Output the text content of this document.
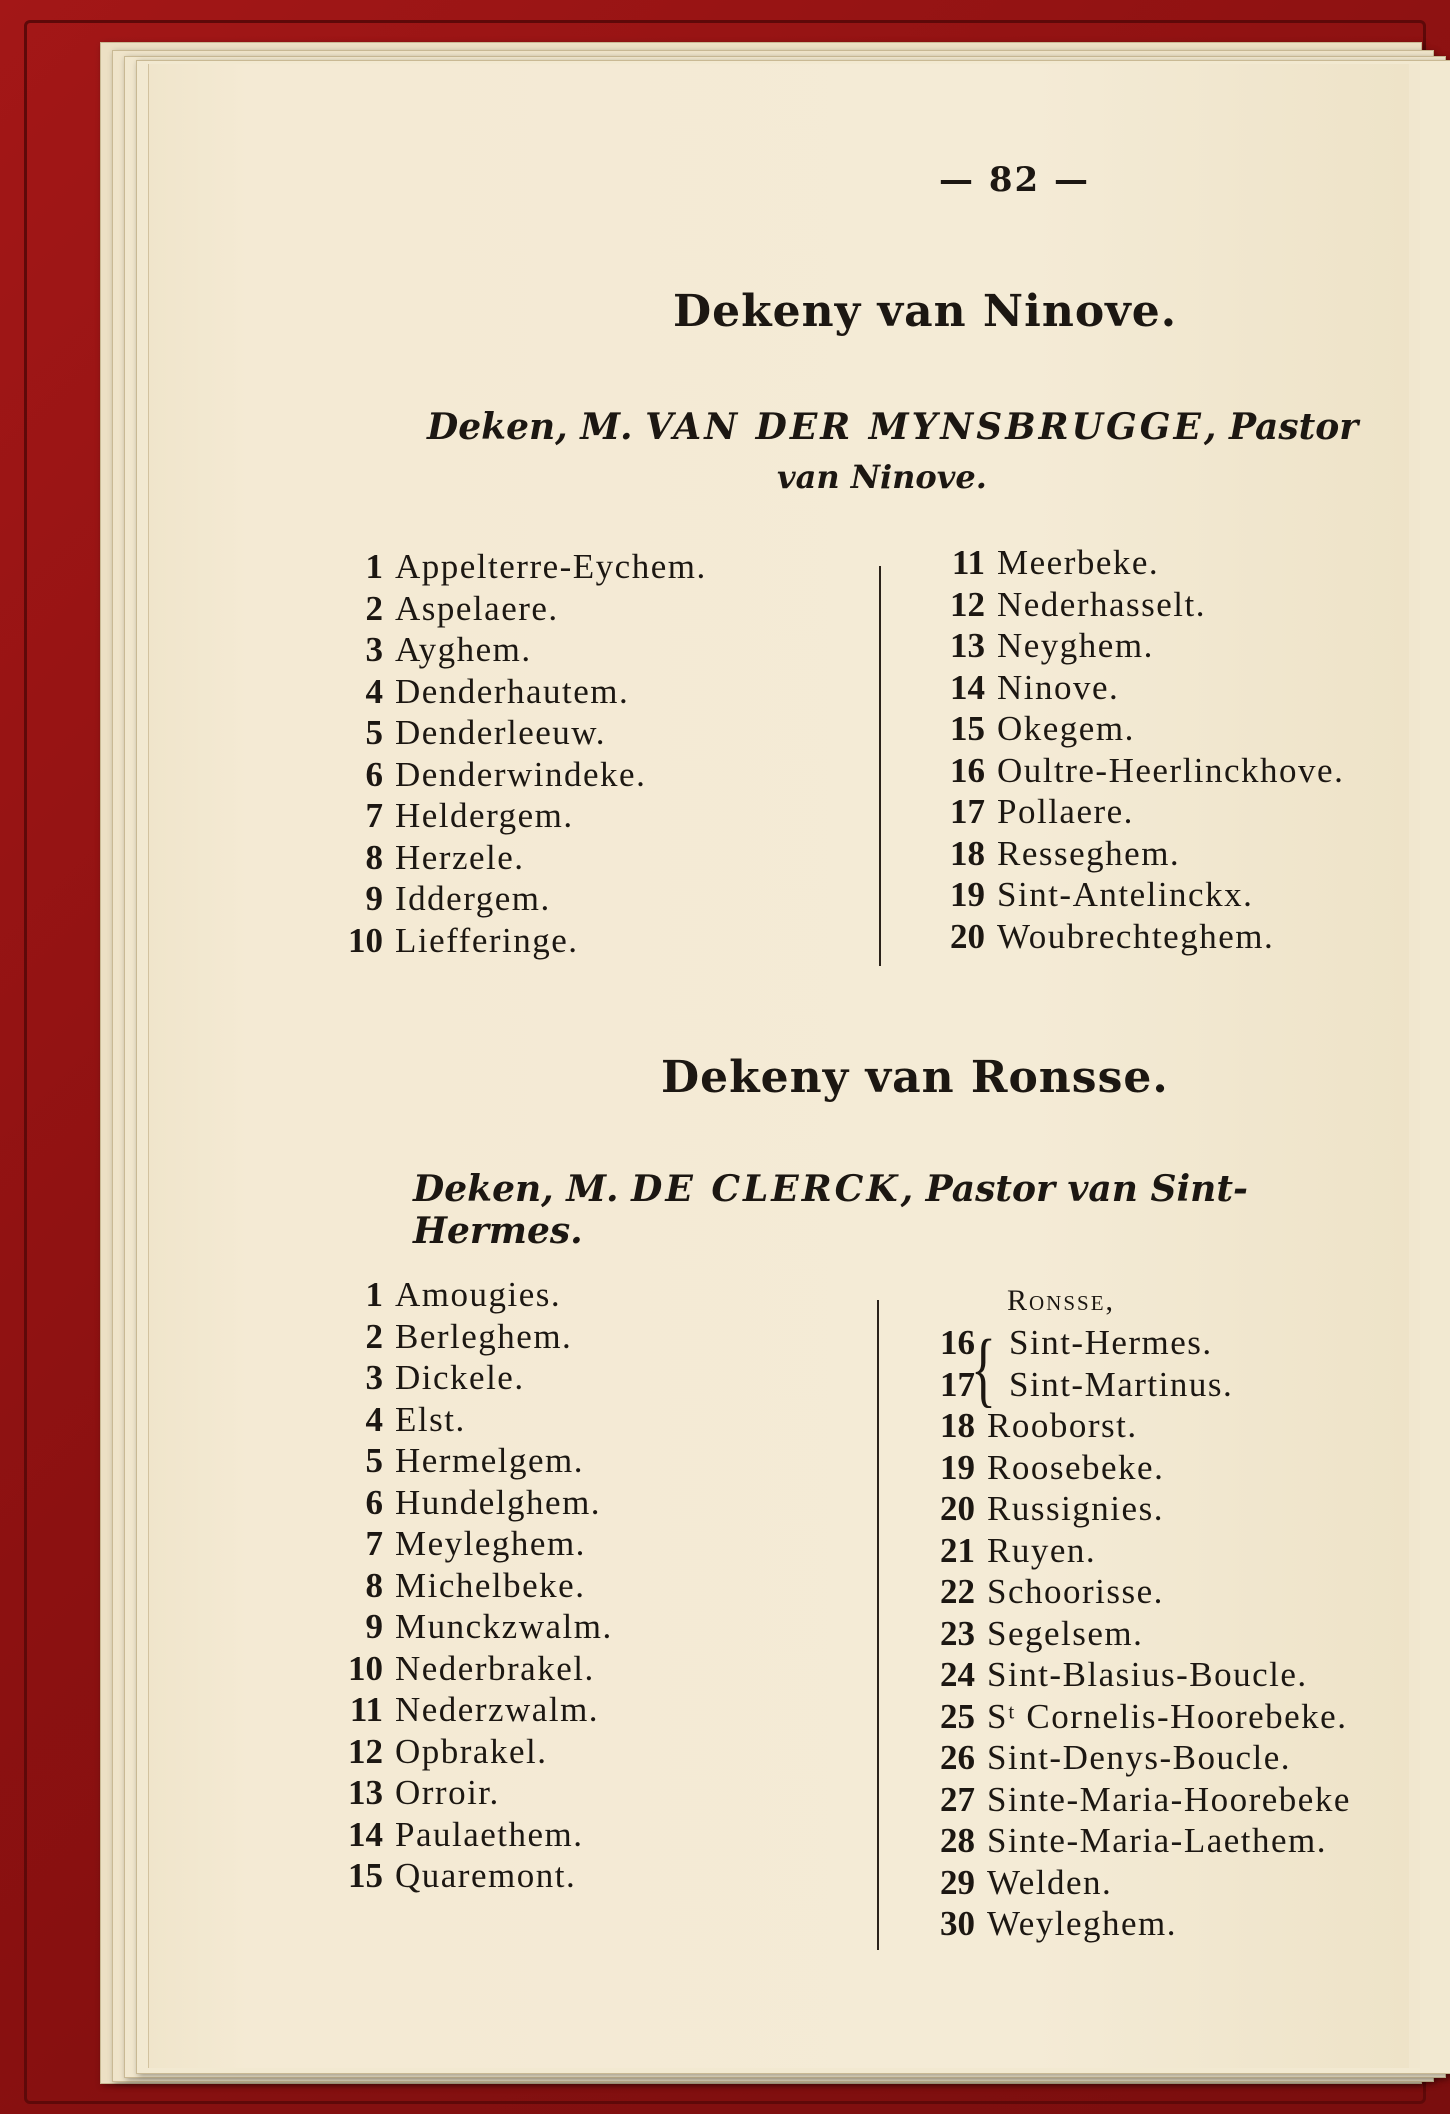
— 82 —
Dekeny van Ninove.
Deken, M. VAN DER MYNSBRUGGE, Pastor
van Ninove.
1 Appelterre-Eychem.
2 Aspelaere.
3 Ayghem.
4 Denderhautem.
5 Denderleeuw.
6 Denderwindeke.
7 Heldergem.
8 Herzele.
9 Iddergem.
10 Liefferinge.
11 Meerbeke.
12 Nederhasselt.
13 Neyghem.
14 Ninove.
15 Okegem.
16 Oultre-Heerlinckhove.
17 Pollaere.
18 Resseghem.
19 Sint-Antelinckx.
20 Woubrechteghem.
Dekeny van Ronsse.
Deken, M. DE CLERCK, Pastor van Sint-Hermes.
1 Amougies.
2 Berleghem.
3 Dickele.
4 Elst.
5 Hermelgem.
6 Hundelghem.
7 Meyleghem.
8 Michelbeke.
9 Munckzwalm.
10 Nederbrakel.
11 Nederzwalm.
12 Opbrakel.
13 Orroir.
14 Paulaethem.
15 Quaremont.
Ronsse,
{
16 Sint-Hermes.
17 Sint-Martinus.
18 Rooborst.
19 Roosebeke.
20 Russignies.
21 Ruyen.
22 Schoorisse.
23 Segelsem.
24 Sint-Blasius-Boucle.
25 Sᵗ Cornelis-Hoorebeke.
26 Sint-Denys-Boucle.
27 Sinte-Maria-Hoorebeke
28 Sinte-Maria-Laethem.
29 Welden.
30 Weyleghem.
